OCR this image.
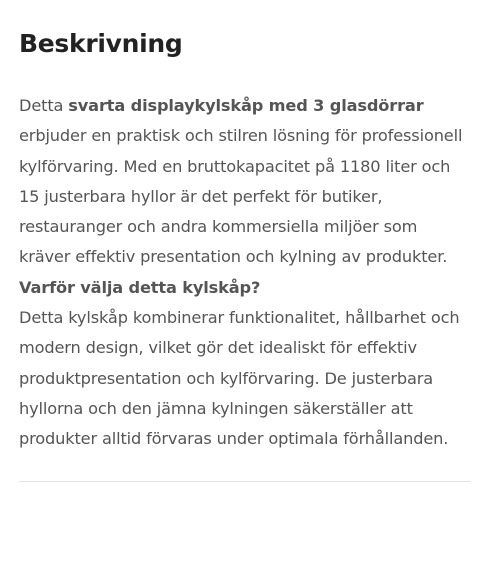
Beskrivning

Detta svarta displaykylskåp med 3 glasdörrar erbjuder en praktisk och stilren lösning för professionell kylförvaring. Med en bruttokapacitet på 1180 liter och 15 justerbara hyllor är det perfekt för butiker, restauranger och andra kommersiella miljöer som kräver effektiv presentation och kylning av produkter.

Varför välja detta kylskåp?

Detta kylskåp kombinerar funktionalitet, hållbarhet och modern design, vilket gör det idealiskt för effektiv produktpresentation och kylförvaring. De justerbara hyllorna och den jämna kylningen säkerställer att produkter alltid förvaras under optimala förhållanden.
